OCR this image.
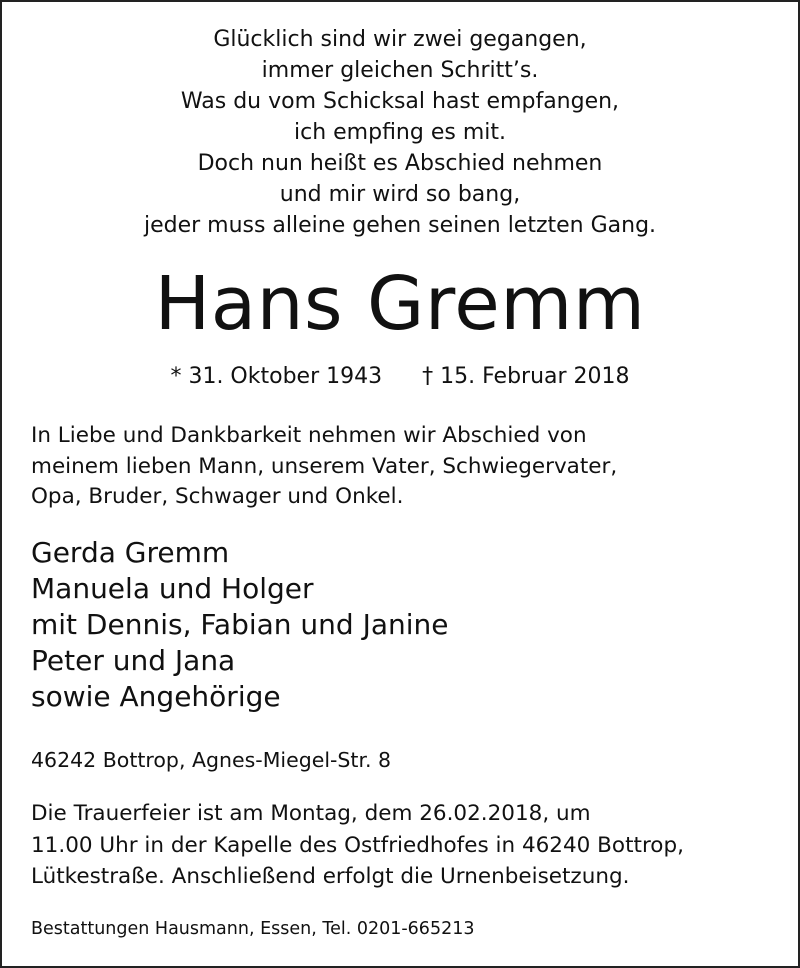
Glücklich sind wir zwei gegangen,
immer gleichen Schritt’s.
Was du vom Schicksal hast empfangen,
ich empfing es mit.
Doch nun heißt es Abschied nehmen
und mir wird so bang,
jeder muss alleine gehen seinen letzten Gang.
Hans Gremm
* 31. Oktober 1943 † 15. Februar 2018
In Liebe und Dankbarkeit nehmen wir Abschied von
meinem lieben Mann, unserem Vater, Schwiegervater,
Opa, Bruder, Schwager und Onkel.
Gerda Gremm
Manuela und Holger
mit Dennis, Fabian und Janine
Peter und Jana
sowie Angehörige
46242 Bottrop, Agnes-Miegel-Str. 8
Die Trauerfeier ist am Montag, dem 26.02.2018, um
11.00 Uhr in der Kapelle des Ostfriedhofes in 46240 Bottrop,
Lütkestraße. Anschließend erfolgt die Urnenbeisetzung.
Bestattungen Hausmann, Essen, Tel. 0201-665213
